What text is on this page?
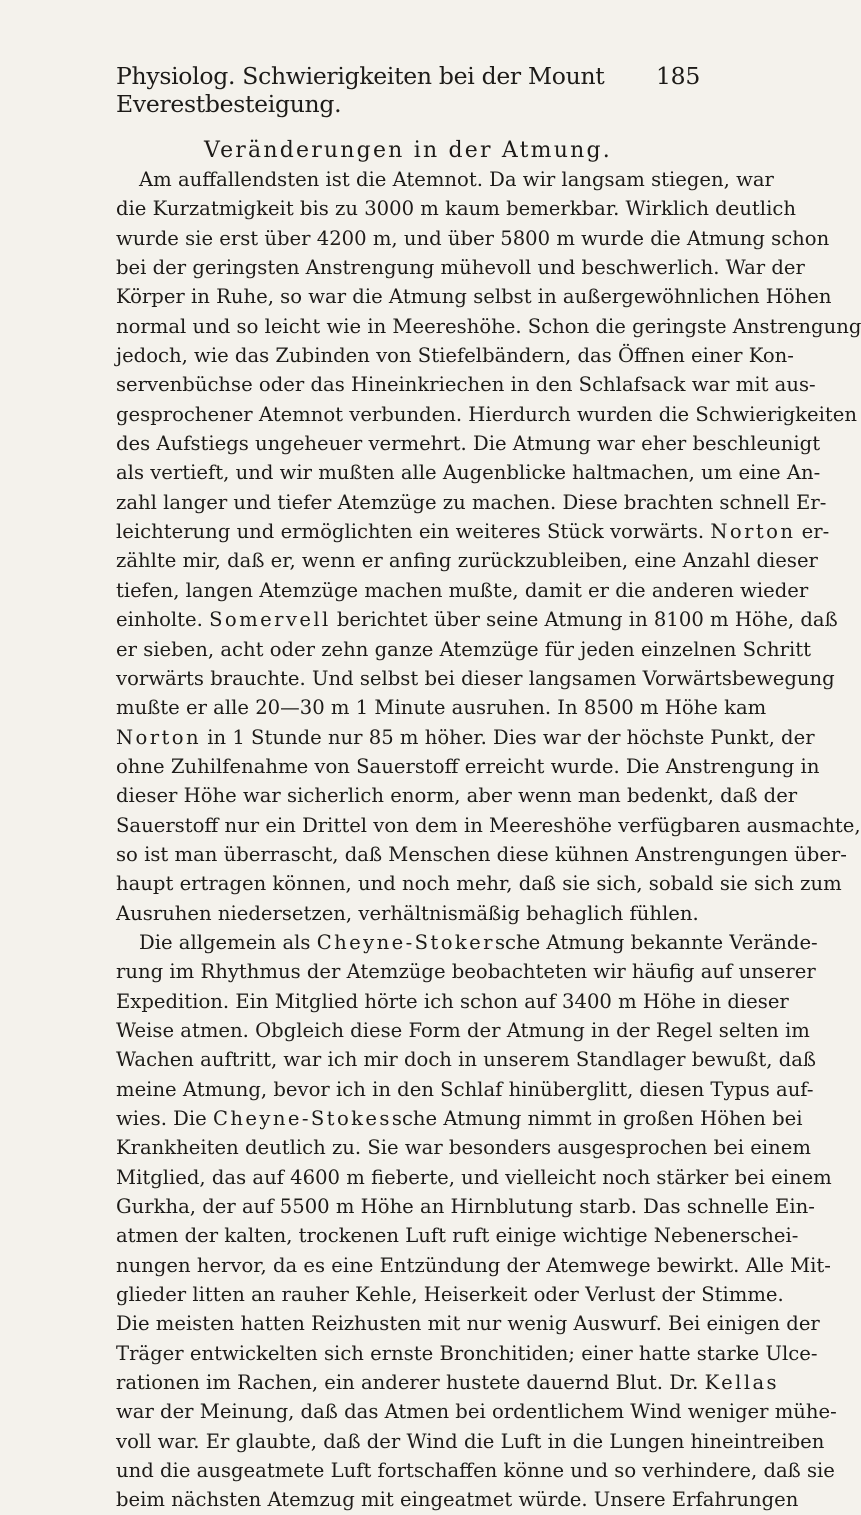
Physiolog. Schwierigkeiten bei der Mount Everestbesteigung.
185
Veränderungen in der Atmung.
Am auffallendsten ist die Atemnot. Da wir langsam stiegen, war
die Kurzatmigkeit bis zu 3000 m kaum bemerkbar. Wirklich deutlich
wurde sie erst über 4200 m, und über 5800 m wurde die Atmung schon
bei der geringsten Anstrengung mühevoll und beschwerlich. War der
Körper in Ruhe, so war die Atmung selbst in außergewöhnlichen Höhen
normal und so leicht wie in Meereshöhe. Schon die geringste Anstrengung
jedoch, wie das Zubinden von Stiefelbändern, das Öffnen einer Kon-
servenbüchse oder das Hineinkriechen in den Schlafsack war mit aus-
gesprochener Atemnot verbunden. Hierdurch wurden die Schwierigkeiten
des Aufstiegs ungeheuer vermehrt. Die Atmung war eher beschleunigt
als vertieft, und wir mußten alle Augenblicke haltmachen, um eine An-
zahl langer und tiefer Atemzüge zu machen. Diese brachten schnell Er-
leichterung und ermöglichten ein weiteres Stück vorwärts. Norton er-
zählte mir, daß er, wenn er anfing zurückzubleiben, eine Anzahl dieser
tiefen, langen Atemzüge machen mußte, damit er die anderen wieder
einholte. Somervell berichtet über seine Atmung in 8100 m Höhe, daß
er sieben, acht oder zehn ganze Atemzüge für jeden einzelnen Schritt
vorwärts brauchte. Und selbst bei dieser langsamen Vorwärtsbewegung
mußte er alle 20—30 m 1 Minute ausruhen. In 8500 m Höhe kam
Norton in 1 Stunde nur 85 m höher. Dies war der höchste Punkt, der
ohne Zuhilfenahme von Sauerstoff erreicht wurde. Die Anstrengung in
dieser Höhe war sicherlich enorm, aber wenn man bedenkt, daß der
Sauerstoff nur ein Drittel von dem in Meereshöhe verfügbaren ausmachte,
so ist man überrascht, daß Menschen diese kühnen Anstrengungen über-
haupt ertragen können, und noch mehr, daß sie sich, sobald sie sich zum
Ausruhen niedersetzen, verhältnismäßig behaglich fühlen.
Die allgemein als Cheyne-Stokersche Atmung bekannte Verände-
rung im Rhythmus der Atemzüge beobachteten wir häufig auf unserer
Expedition. Ein Mitglied hörte ich schon auf 3400 m Höhe in dieser
Weise atmen. Obgleich diese Form der Atmung in der Regel selten im
Wachen auftritt, war ich mir doch in unserem Standlager bewußt, daß
meine Atmung, bevor ich in den Schlaf hinüberglitt, diesen Typus auf-
wies. Die Cheyne-Stokessche Atmung nimmt in großen Höhen bei
Krankheiten deutlich zu. Sie war besonders ausgesprochen bei einem
Mitglied, das auf 4600 m fieberte, und vielleicht noch stärker bei einem
Gurkha, der auf 5500 m Höhe an Hirnblutung starb. Das schnelle Ein-
atmen der kalten, trockenen Luft ruft einige wichtige Nebenerschei-
nungen hervor, da es eine Entzündung der Atemwege bewirkt. Alle Mit-
glieder litten an rauher Kehle, Heiserkeit oder Verlust der Stimme.
Die meisten hatten Reizhusten mit nur wenig Auswurf. Bei einigen der
Träger entwickelten sich ernste Bronchitiden; einer hatte starke Ulce-
rationen im Rachen, ein anderer hustete dauernd Blut. Dr. Kellas
war der Meinung, daß das Atmen bei ordentlichem Wind weniger mühe-
voll war. Er glaubte, daß der Wind die Luft in die Lungen hineintreiben
und die ausgeatmete Luft fortschaffen könne und so verhindere, daß sie
beim nächsten Atemzug mit eingeatmet würde. Unsere Erfahrungen
